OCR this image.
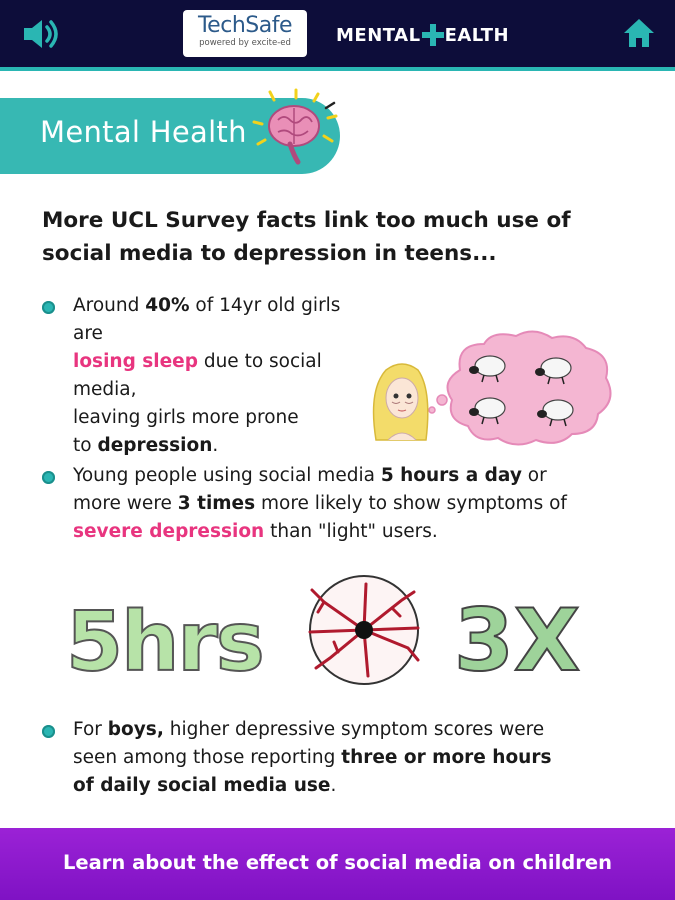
TechSafe
powered by excite-ed	MENTAL EALTH
Mental Health
More UCL Survey facts link too much use of
social media to depression in teens...
Around 40% of 14yr old girls are
losing sleep due to social media,
leaving girls more prone
to depression.
Young people using social media 5 hours a day or
more were 3 times more likely to show symptoms of
severe depression than "light" users.
5hrs 3X
For boys, higher depressive symptom scores were
seen among those reporting three or more hours
of daily social media use.
Learn about the effect of social media on children
